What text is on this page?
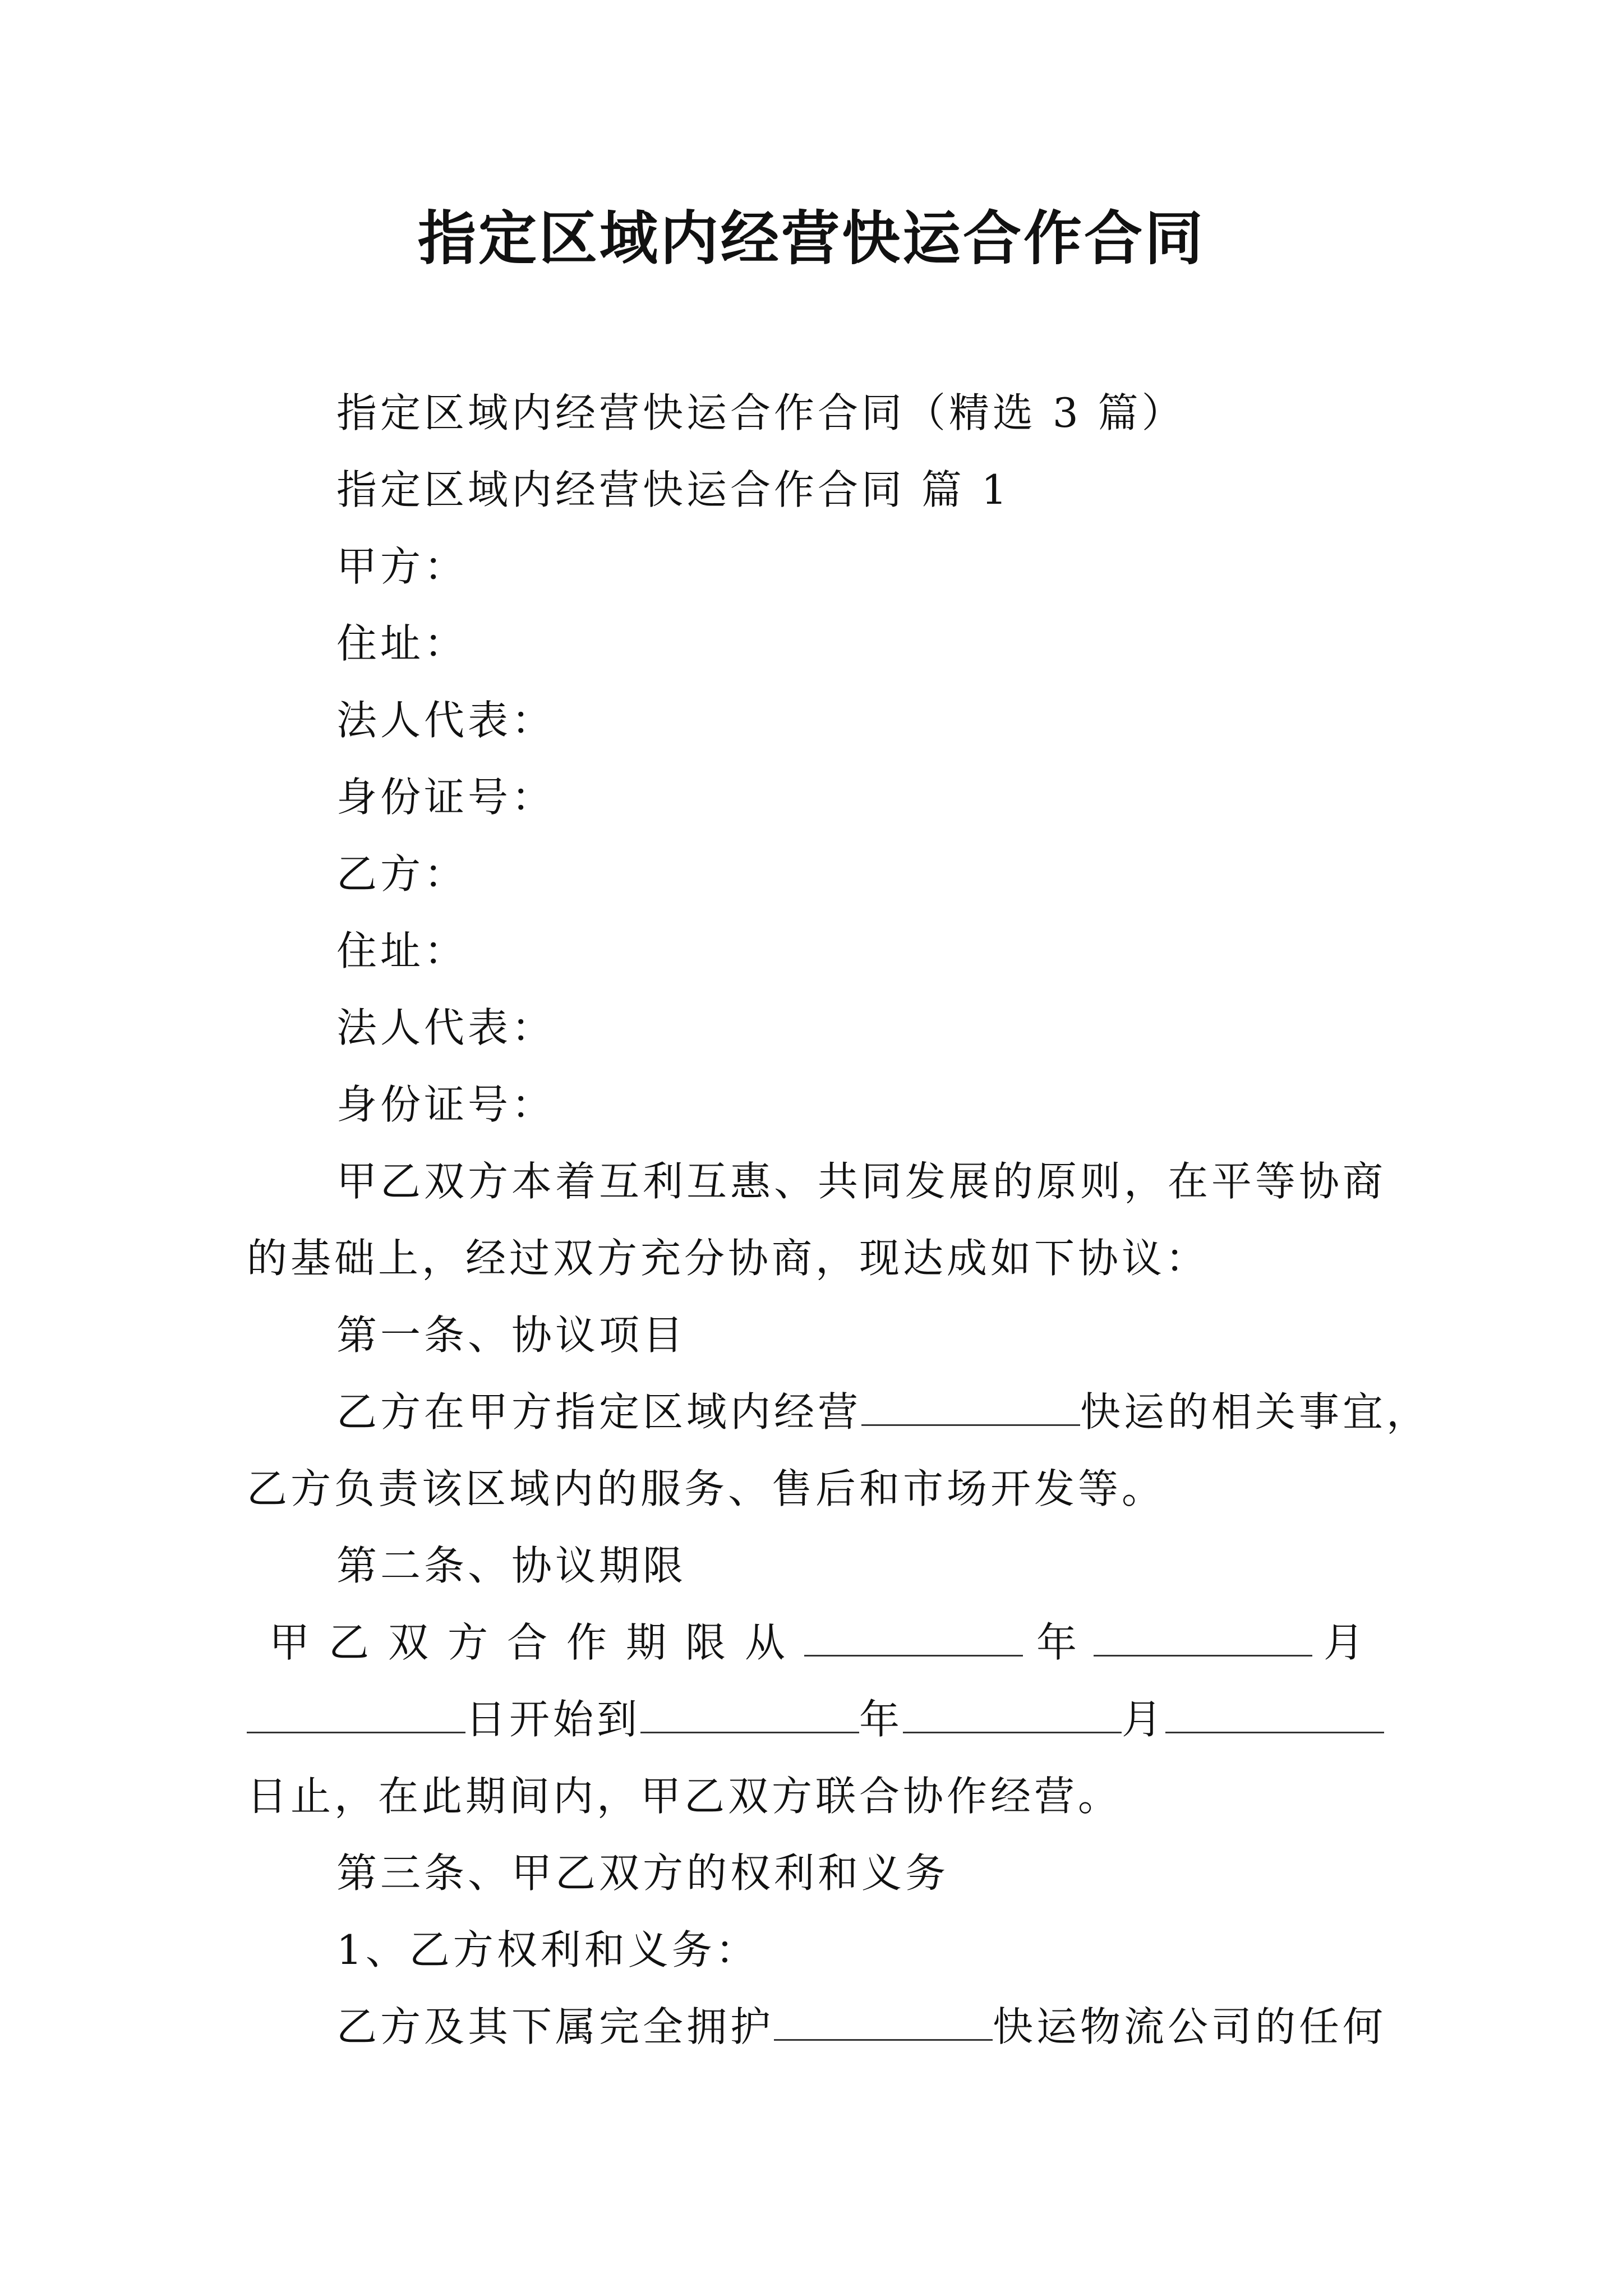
指定区域内经营快运合作合同
指定区域内经营快运合作合同（精选 3 篇）
指定区域内经营快运合作合同 篇 1
甲方：
住址：
法人代表：
身份证号：
乙方：
住址：
法人代表：
身份证号：
甲乙双方本着互利互惠、共同发展的原则，在平等协商
的基础上，经过双方充分协商，现达成如下协议：
第一条、协议项目
乙方在甲方指定区域内经营	快运的相关事宜，
乙方负责该区域内的服务、售后和市场开发等。
第二条、协议期限
甲乙双方合作期限从	年	月
日开始到	年	月
日止，在此期间内，甲乙双方联合协作经营。
第三条、甲乙双方的权利和义务
1、乙方权利和义务：
乙方及其下属完全拥护	快运物流公司的任何
